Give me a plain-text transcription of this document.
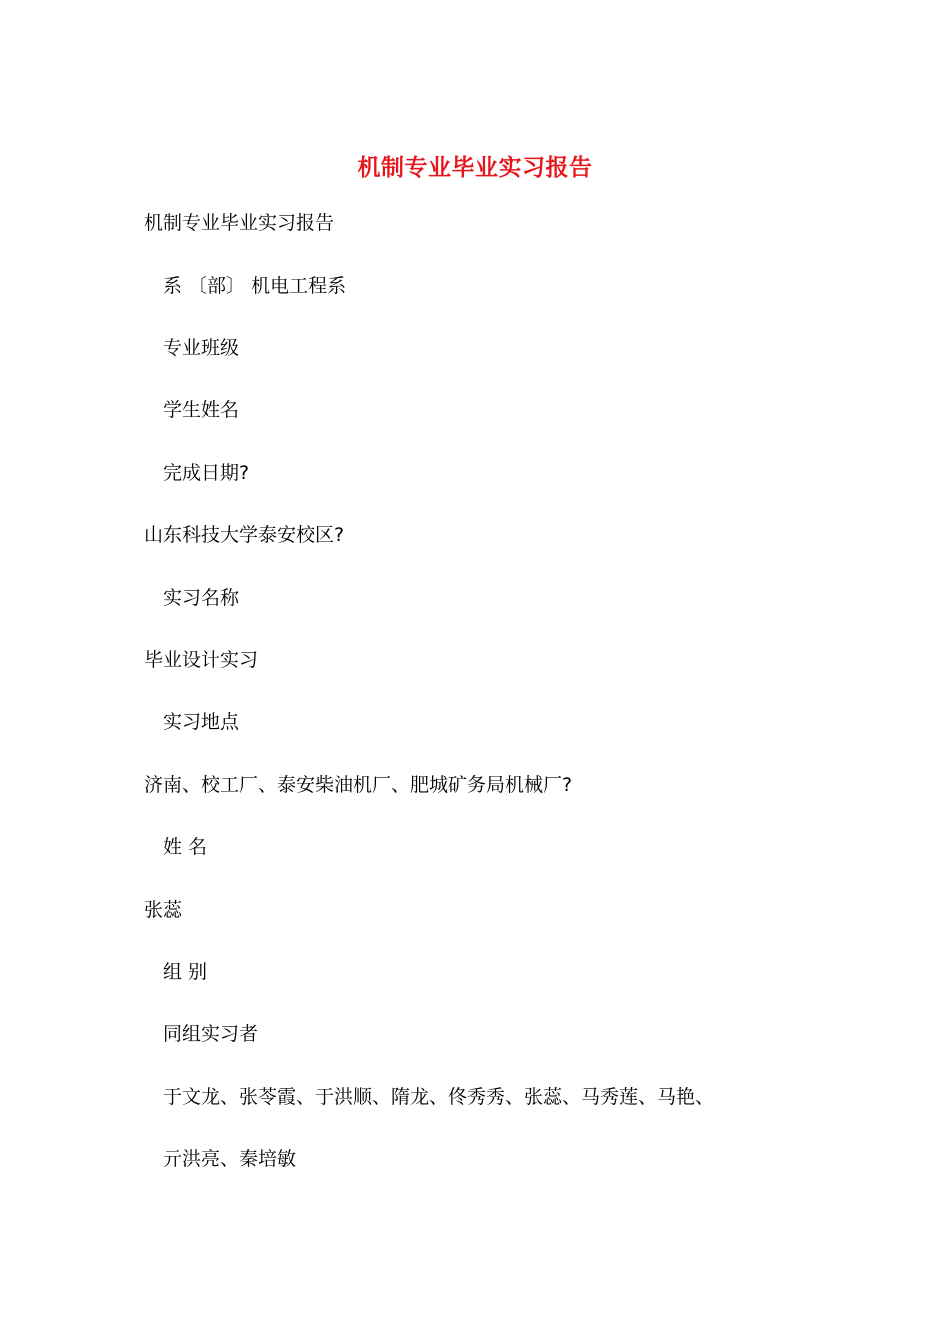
机制专业毕业实习报告
机制专业毕业实习报告
系 〔部〕 机电工程系
专业班级
学生姓名
完成日期?
山东科技大学泰安校区?
实习名称
毕业设计实习
实习地点
济南、校工厂、泰安柴油机厂、肥城矿务局机械厂?
姓 名
张蕊
组 别
同组实习者
于文龙、张苓霞、于洪顺、隋龙、佟秀秀、张蕊、马秀莲、马艳、
亓洪亮、秦培敏
